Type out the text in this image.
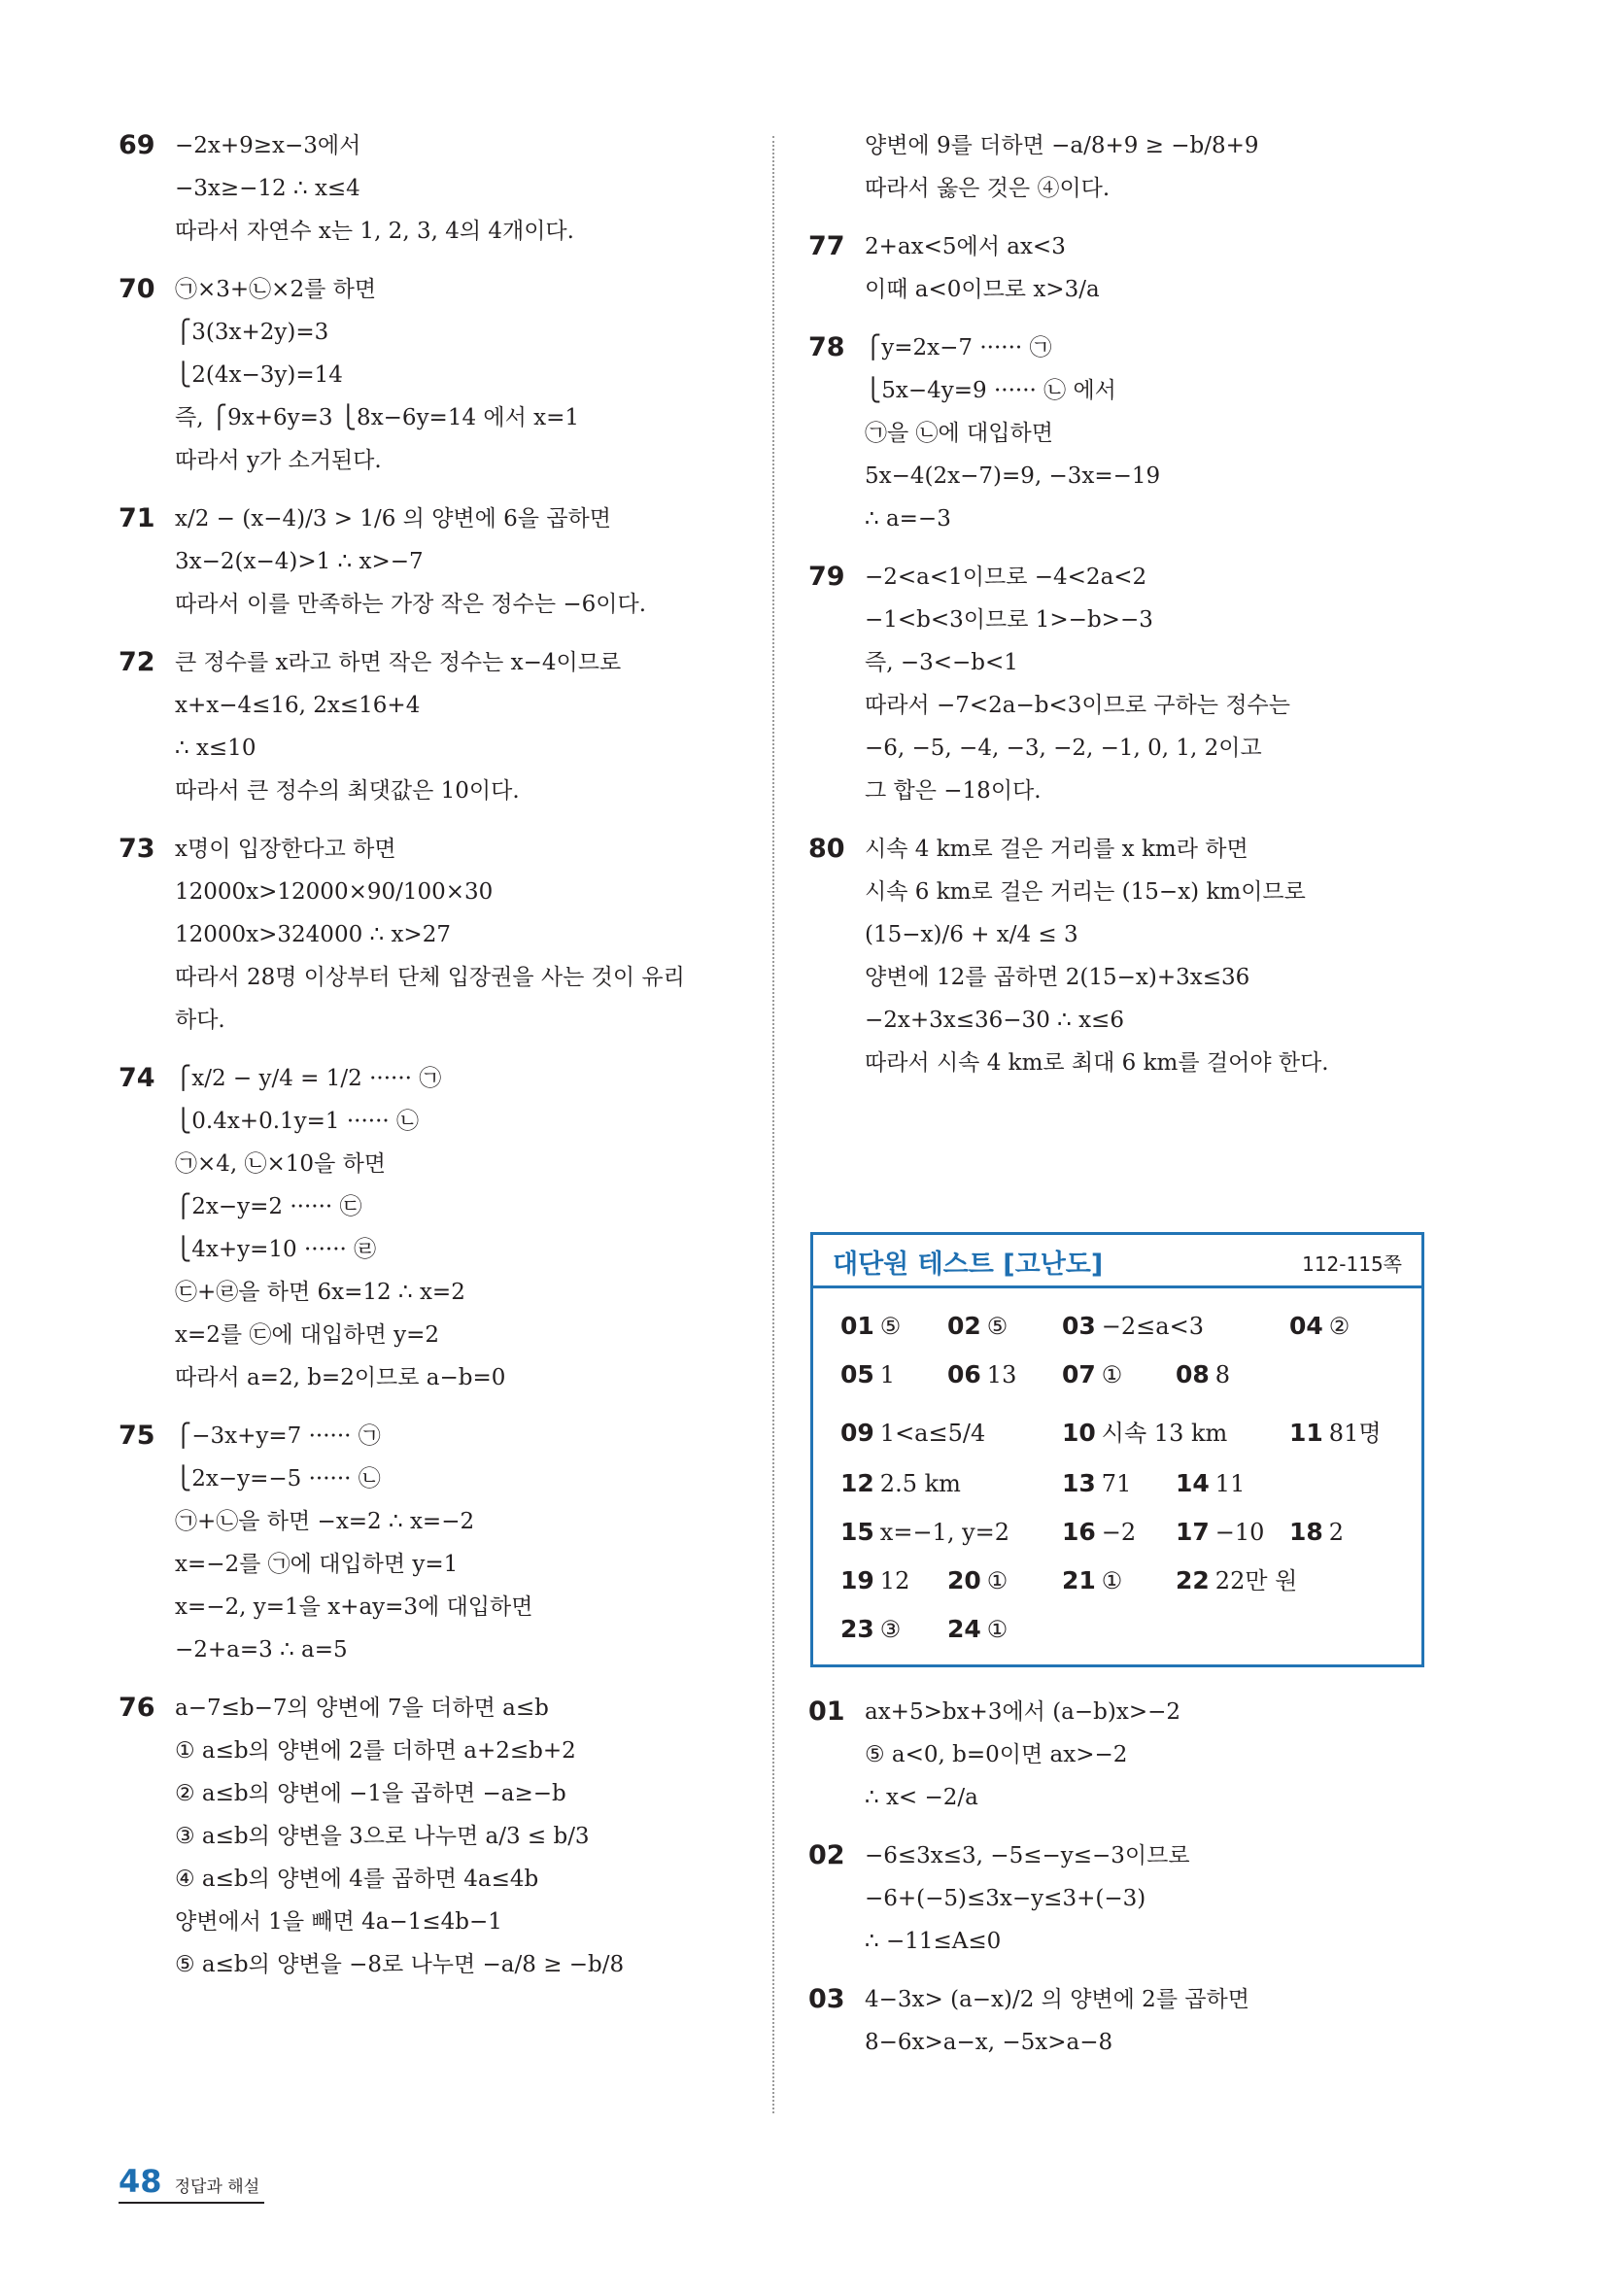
69 −2x+9≥x−3에서
−3x≥−12 ∴ x≤4
따라서 자연수 x는 1, 2, 3, 4의 4개이다.
70 ㉠×3+㉡×2를 하면
⎧3(3x+2y)=3
⎩2(4x−3y)=14
즉, ⎧9x+6y=3 ⎩8x−6y=14 에서 x=1
따라서 y가 소거된다.
71 x/2 − (x−4)/3 > 1/6 의 양변에 6을 곱하면
3x−2(x−4)>1 ∴ x>−7
따라서 이를 만족하는 가장 작은 정수는 −6이다.
72 큰 정수를 x라고 하면 작은 정수는 x−4이므로
x+x−4≤16, 2x≤16+4
∴ x≤10
따라서 큰 정수의 최댓값은 10이다.
73 x명이 입장한다고 하면
12000x>12000×90/100×30
12000x>324000 ∴ x>27
따라서 28명 이상부터 단체 입장권을 사는 것이 유리
하다.
74 ⎧x/2 − y/4 = 1/2 ······ ㉠
⎩0.4x+0.1y=1 ······ ㉡
㉠×4, ㉡×10을 하면
⎧2x−y=2 ······ ㉢
⎩4x+y=10 ······ ㉣
㉢+㉣을 하면 6x=12 ∴ x=2
x=2를 ㉢에 대입하면 y=2
따라서 a=2, b=2이므로 a−b=0
75 ⎧−3x+y=7 ······ ㉠
⎩2x−y=−5 ······ ㉡
㉠+㉡을 하면 −x=2 ∴ x=−2
x=−2를 ㉠에 대입하면 y=1
x=−2, y=1을 x+ay=3에 대입하면
−2+a=3 ∴ a=5
76 a−7≤b−7의 양변에 7을 더하면 a≤b
① a≤b의 양변에 2를 더하면 a+2≤b+2
② a≤b의 양변에 −1을 곱하면 −a≥−b
③ a≤b의 양변을 3으로 나누면 a/3 ≤ b/3
④ a≤b의 양변에 4를 곱하면 4a≤4b
양변에서 1을 빼면 4a−1≤4b−1
⑤ a≤b의 양변을 −8로 나누면 −a/8 ≥ −b/8
양변에 9를 더하면 −a/8+9 ≥ −b/8+9
따라서 옳은 것은 ④이다.
77 2+ax<5에서 ax<3
이때 a<0이므로 x>3/a
78 ⎧y=2x−7 ······ ㉠
⎩5x−4y=9 ······ ㉡ 에서
㉠을 ㉡에 대입하면
5x−4(2x−7)=9, −3x=−19
∴ a=−3
79 −2<a<1이므로 −4<2a<2
−1<b<3이므로 1>−b>−3
즉, −3<−b<1
따라서 −7<2a−b<3이므로 구하는 정수는
−6, −5, −4, −3, −2, −1, 0, 1, 2이고
그 합은 −18이다.
80 시속 4 km로 걸은 거리를 x km라 하면
시속 6 km로 걸은 거리는 (15−x) km이므로
(15−x)/6 + x/4 ≤ 3
양변에 12를 곱하면 2(15−x)+3x≤36
−2x+3x≤36−30 ∴ x≤6
따라서 시속 4 km로 최대 6 km를 걸어야 한다.
대단원 테스트 [고난도]	112-115쪽
01 ⑤ 02 ⑤ 03 −2≤a<3	04 ②
05 1 06 13 07 ① 08 8
09 1<a≤5/4	10 시속 13 km	11 81명
12 2.5 km	13 71 14 11
15 x=−1, y=2 16 −2 17 −10 18 2
19 12 20 ① 21 ① 22 22만 원
23 ③ 24 ①
01 ax+5>bx+3에서 (a−b)x>−2
⑤ a<0, b=0이면 ax>−2
∴ x< −2/a
02 −6≤3x≤3, −5≤−y≤−3이므로
−6+(−5)≤3x−y≤3+(−3)
∴ −11≤A≤0
03 4−3x> (a−x)/2 의 양변에 2를 곱하면
8−6x>a−x, −5x>a−8
48 정답과 해설
